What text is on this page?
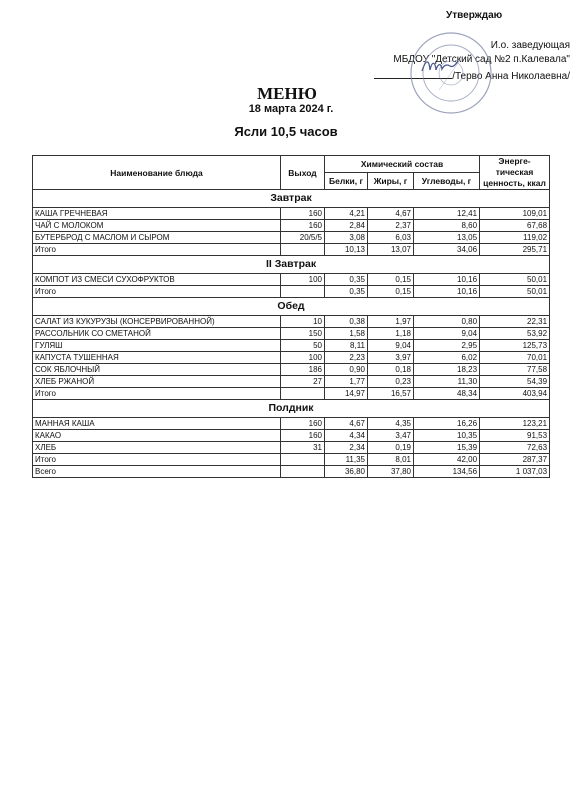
Утверждаю
И.о. заведующая
МБДОУ "Детский сад №2 п.Калевала"
/Терво Анна Николаевна/
МЕНЮ
18 марта 2024 г.
Ясли 10,5 часов
Наименование блюда	Выход	Химический состав			Энерге-тическая ценность, ккал
		Белки, г	Жиры, г	Углеводы, г	
Завтрак					
КАША ГРЕЧНЕВАЯ	160	4,21	4,67	12,41	109,01
ЧАЙ С МОЛОКОМ	160	2,84	2,37	8,60	67,68
БУТЕРБРОД С МАСЛОМ И СЫРОМ	20/5/5	3,08	6,03	13,05	119,02
Итого		10,13	13,07	34,06	295,71
II Завтрак					
КОМПОТ ИЗ СМЕСИ СУХОФРУКТОВ	100	0,35	0,15	10,16	50,01
Итого		0,35	0,15	10,16	50,01
Обед					
САЛАТ ИЗ КУКУРУЗЫ (КОНСЕРВИРОВАННОЙ)	10	0,38	1,97	0,80	22,31
РАССОЛЬНИК СО СМЕТАНОЙ	150	1,58	1,18	9,04	53,92
ГУЛЯШ	50	8,11	9,04	2,95	125,73
КАПУСТА ТУШЕННАЯ	100	2,23	3,97	6,02	70,01
СОК ЯБЛОЧНЫЙ	186	0,90	0,18	18,23	77,58
ХЛЕБ РЖАНОЙ	27	1,77	0,23	11,30	54,39
Итого		14,97	16,57	48,34	403,94
Полдник					
МАННАЯ КАША	160	4,67	4,35	16,26	123,21
КАКАО	160	4,34	3,47	10,35	91,53
ХЛЕБ	31	2,34	0,19	15,39	72,63
Итого		11,35	8,01	42,00	287,37
Всего		36,80	37,80	134,56	1 037,03
